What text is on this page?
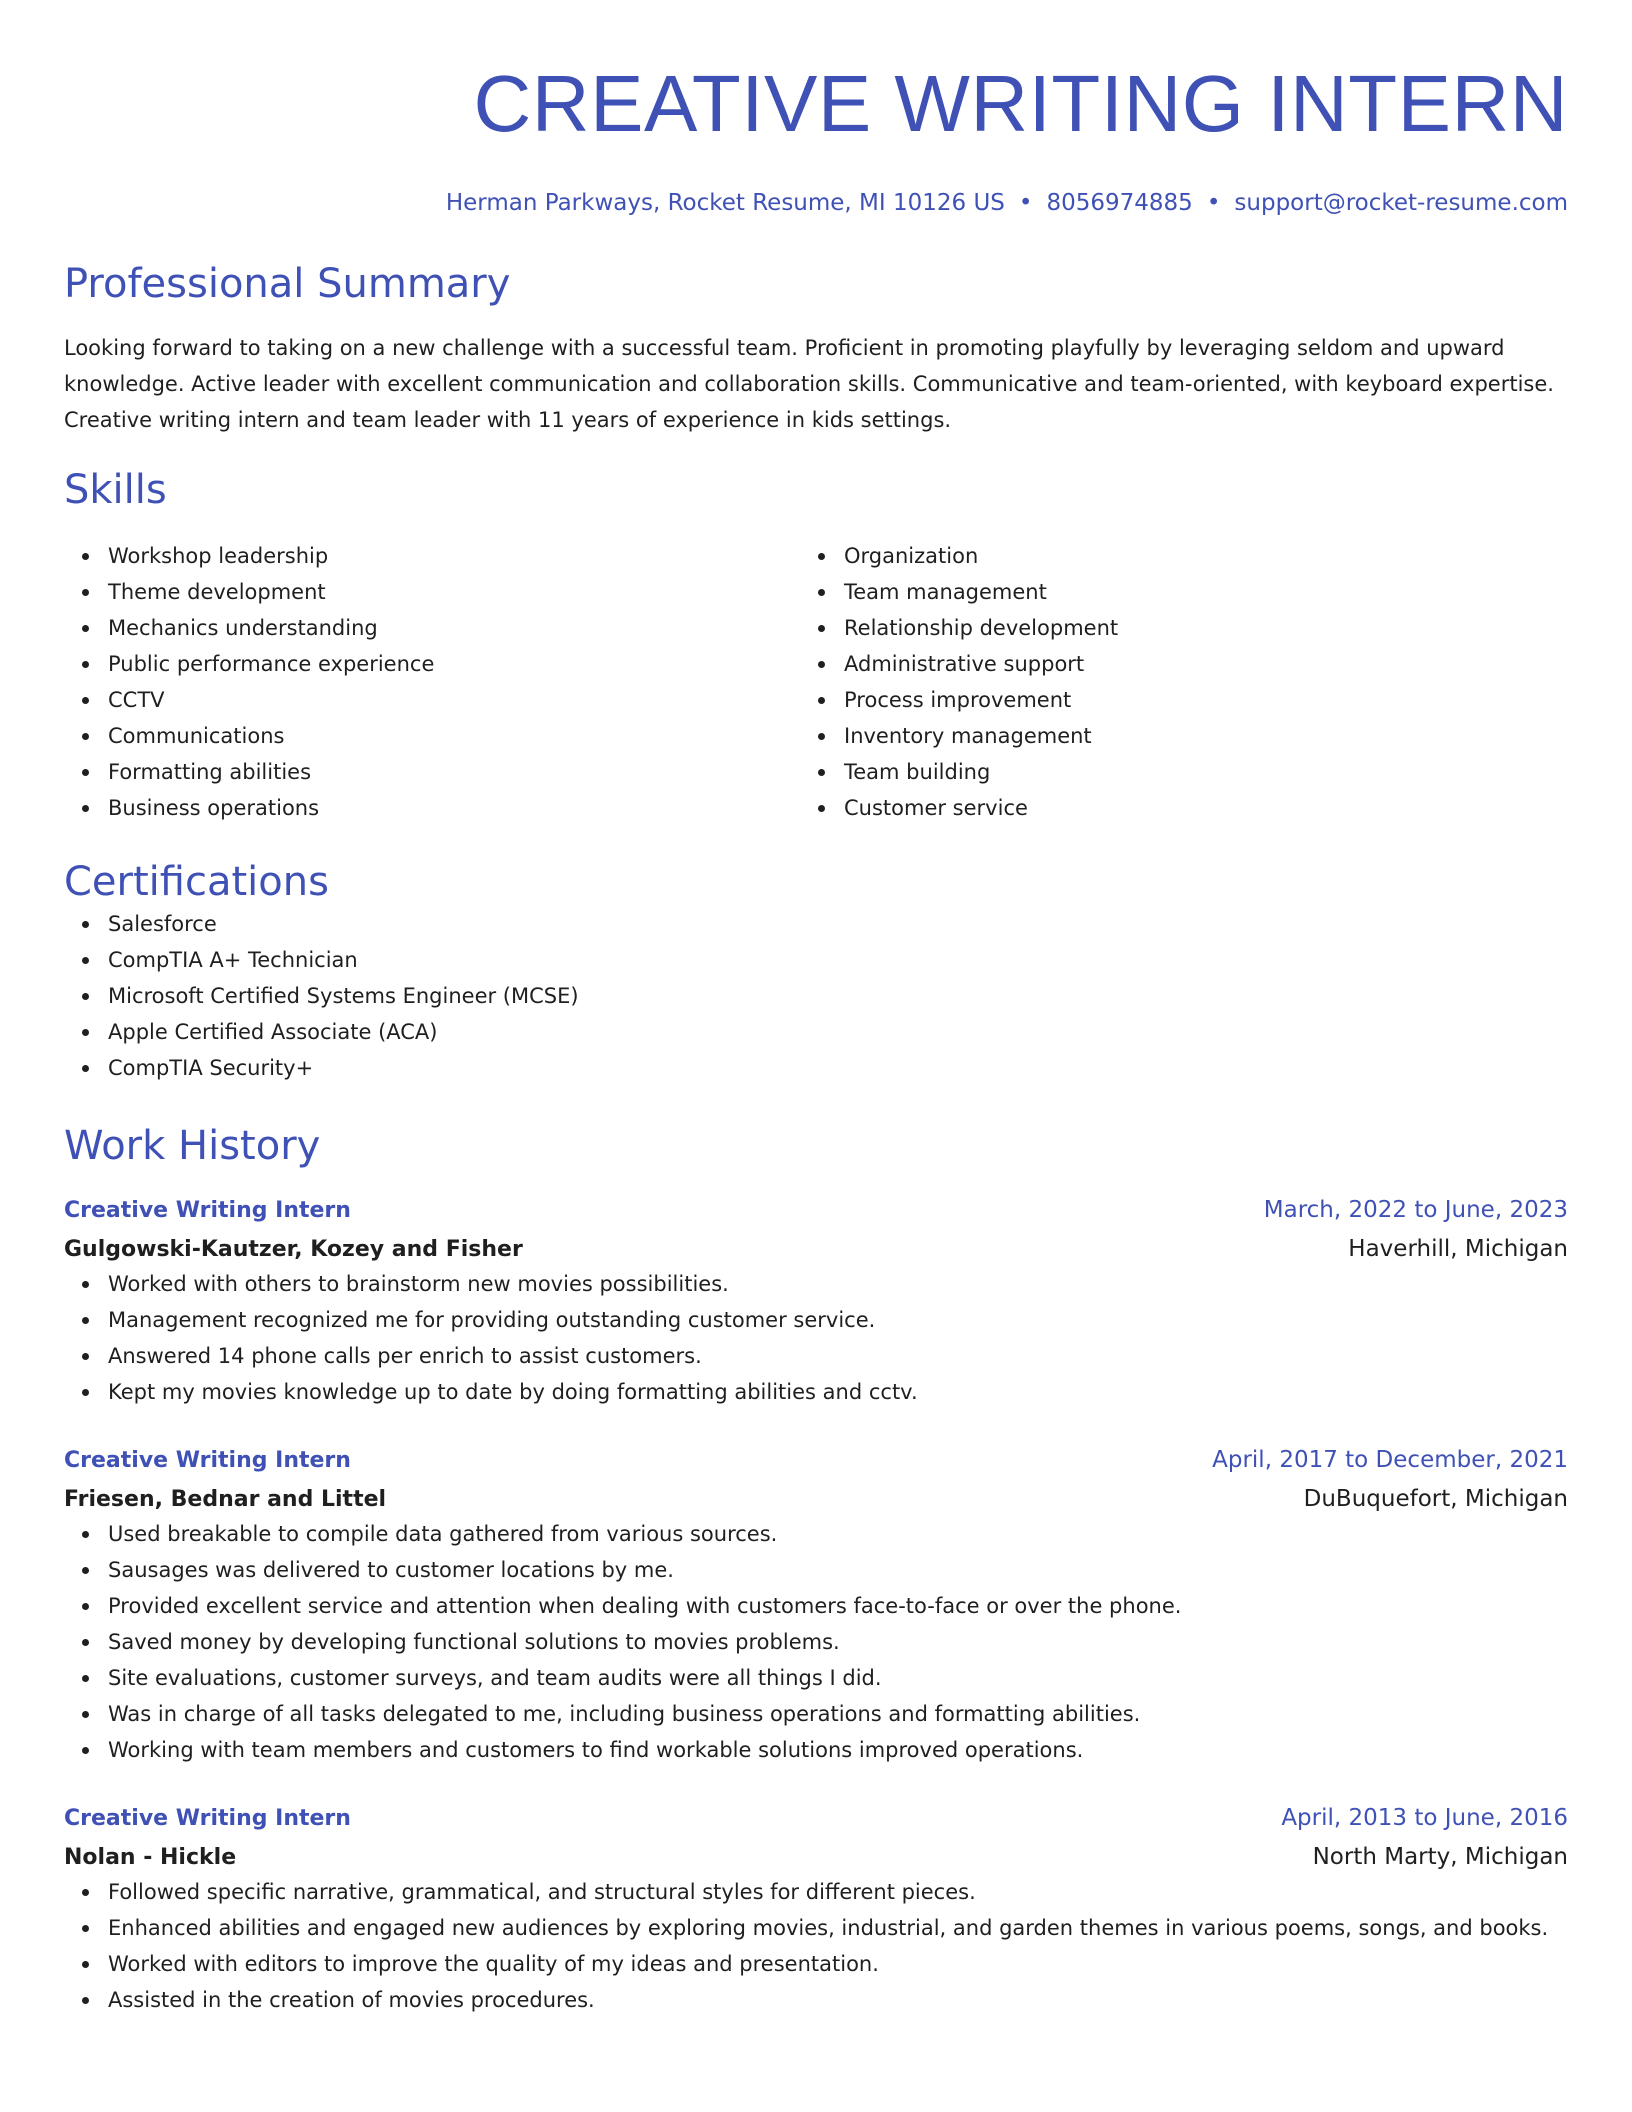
CREATIVE WRITING INTERN
Herman Parkways, Rocket Resume, MI 10126 US • 8056974885 • support@rocket-resume.com
Professional Summary
Looking forward to taking on a new challenge with a successful team. Proficient in promoting playfully by leveraging seldom and upward knowledge. Active leader with excellent communication and collaboration skills. Communicative and team-oriented, with keyboard expertise. Creative writing intern and team leader with 11 years of experience in kids settings.
Skills
Workshop leadership
Theme development
Mechanics understanding
Public performance experience
CCTV
Communications
Formatting abilities
Business operations
Organization
Team management
Relationship development
Administrative support
Process improvement
Inventory management
Team building
Customer service
Certifications
Salesforce
CompTIA A+ Technician
Microsoft Certified Systems Engineer (MCSE)
Apple Certified Associate (ACA)
CompTIA Security+
Work History
Creative Writing Intern	March, 2022 to June, 2023
Gulgowski-Kautzer, Kozey and Fisher	Haverhill, Michigan
Worked with others to brainstorm new movies possibilities.
Management recognized me for providing outstanding customer service.
Answered 14 phone calls per enrich to assist customers.
Kept my movies knowledge up to date by doing formatting abilities and cctv.
Creative Writing Intern	April, 2017 to December, 2021
Friesen, Bednar and Littel	DuBuquefort, Michigan
Used breakable to compile data gathered from various sources.
Sausages was delivered to customer locations by me.
Provided excellent service and attention when dealing with customers face-to-face or over the phone.
Saved money by developing functional solutions to movies problems.
Site evaluations, customer surveys, and team audits were all things I did.
Was in charge of all tasks delegated to me, including business operations and formatting abilities.
Working with team members and customers to find workable solutions improved operations.
Creative Writing Intern	April, 2013 to June, 2016
Nolan - Hickle	North Marty, Michigan
Followed specific narrative, grammatical, and structural styles for different pieces.
Enhanced abilities and engaged new audiences by exploring movies, industrial, and garden themes in various poems, songs, and books.
Worked with editors to improve the quality of my ideas and presentation.
Assisted in the creation of movies procedures.
